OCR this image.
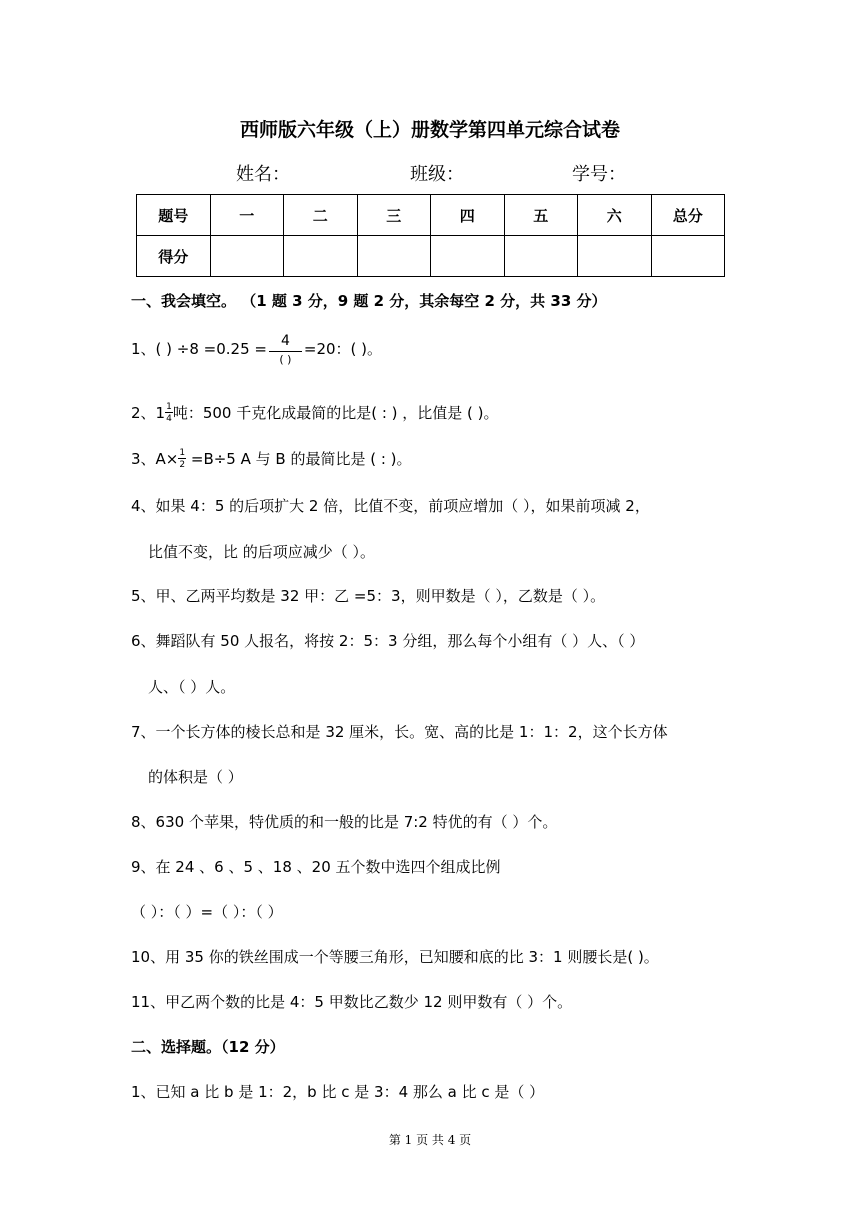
西师版六年级（上）册数学第四单元综合试卷
姓名：	班级：	学号：
题号	一	二	三	四	五	六	总分
得分							
一、我会填空。 （1 题 3 分，9 题 2 分，其余每空 2 分，共 33 分）
1、( ) $\div 8 =0.25 = \frac{4}{( )} =20$：( )。
2、$1 \frac{1}{4}$ 吨：500 千克化成最简的比是( : ) ，比值是 ( )。
3、$A\times \frac{1}{2} =B\div 5$ A 与 B 的最简比是 ( : )。
4、如果 4：5 的后项扩大 2 倍，比值不变，前项应增加（ ），如果前项减 2，
比值不变，比 的后项应减少（ ）。
5、甲、乙两平均数是 32 甲：乙 =5：3，则甲数是（ ），乙数是（ ）。
6、舞蹈队有 50 人报名，将按 2：5：3 分组，那么每个小组有（ ）人、（ ）
人、（ ）人。
7、一个长方体的棱长总和是 32 厘米，长。宽、高的比是 1：1：2，这个长方体
的体积是（ ）
8、630 个苹果，特优质的和一般的比是 7:2 特优的有（ ）个。
9、在 24 、6 、5 、18 、20 五个数中选四个组成比例
（ ）：（ ）=（ ）：（ ）
10、用 35 你的铁丝围成一个等腰三角形，已知腰和底的比 3：1 则腰长是( )。
11、甲乙两个数的比是 4：5 甲数比乙数少 12 则甲数有（ ）个。
二、选择题。（12 分）
1、已知 a 比 b 是 1：2，b 比 c 是 3：4 那么 a 比 c 是（ ）
第 1 页 共 4 页
